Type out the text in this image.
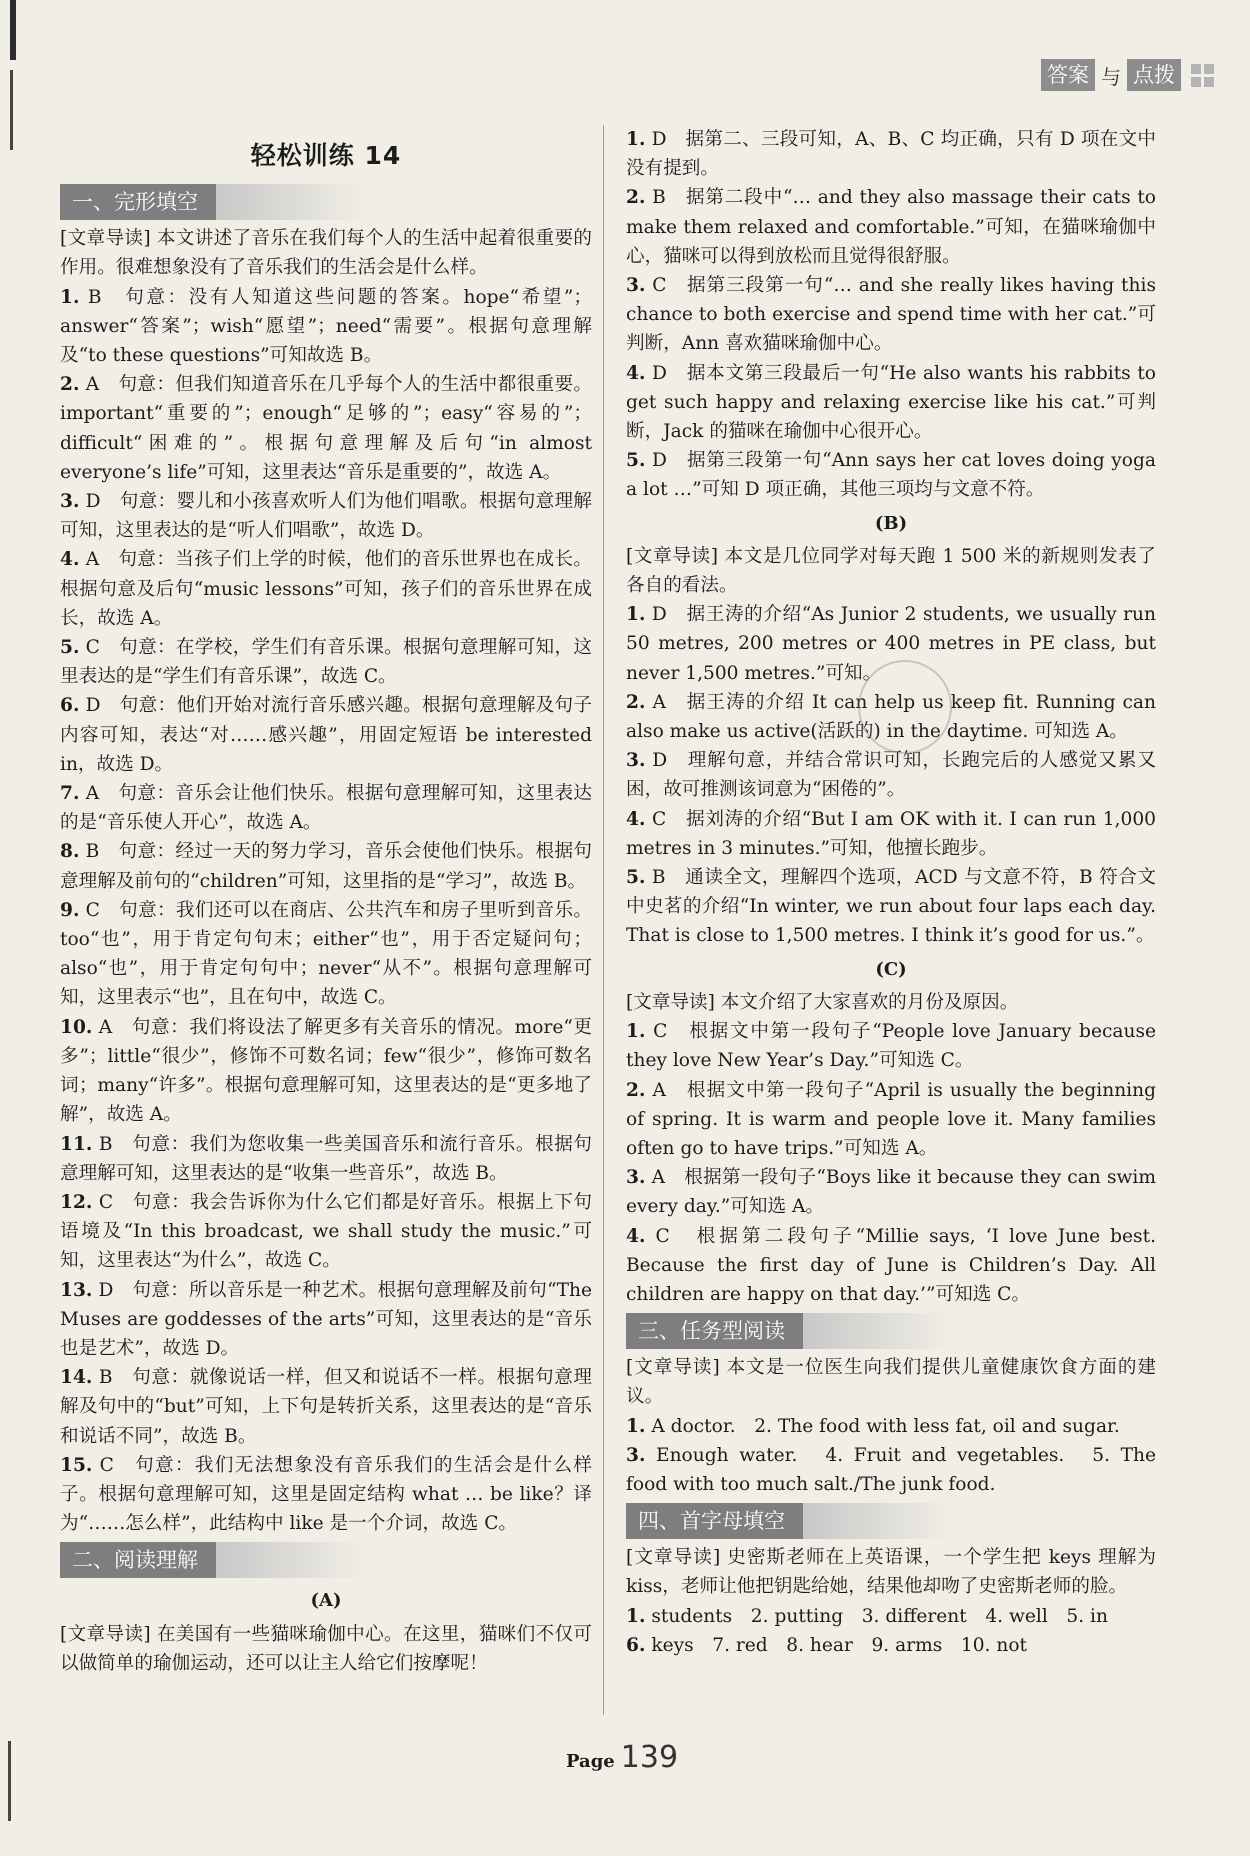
答案 与 点拨
轻松训练 14
一、完形填空

[文章导读] 本文讲述了音乐在我们每个人的生活中起着很重要的作用。很难想象没有了音乐我们的生活会是什么样。

1. B　句意：没有人知道这些问题的答案。hope“希望”；answer“答案”；wish“愿望”；need“需要”。根据句意理解及“to these questions”可知故选 B。

2. A　句意：但我们知道音乐在几乎每个人的生活中都很重要。important“重要的”；enough“足够的”；easy“容易的”；difficult“困难的”。根据句意理解及后句“in almost everyone’s life”可知，这里表达“音乐是重要的”，故选 A。

3. D　句意：婴儿和小孩喜欢听人们为他们唱歌。根据句意理解可知，这里表达的是“听人们唱歌”，故选 D。

4. A　句意：当孩子们上学的时候，他们的音乐世界也在成长。根据句意及后句“music lessons”可知，孩子们的音乐世界在成长，故选 A。

5. C　句意：在学校，学生们有音乐课。根据句意理解可知，这里表达的是“学生们有音乐课”，故选 C。

6. D　句意：他们开始对流行音乐感兴趣。根据句意理解及句子内容可知，表达“对……感兴趣”，用固定短语 be interested in，故选 D。

7. A　句意：音乐会让他们快乐。根据句意理解可知，这里表达的是“音乐使人开心”，故选 A。

8. B　句意：经过一天的努力学习，音乐会使他们快乐。根据句意理解及前句的“children”可知，这里指的是“学习”，故选 B。

9. C　句意：我们还可以在商店、公共汽车和房子里听到音乐。too“也”，用于肯定句句末；either“也”，用于否定疑问句；also“也”，用于肯定句句中；never“从不”。根据句意理解可知，这里表示“也”，且在句中，故选 C。

10. A　句意：我们将设法了解更多有关音乐的情况。more“更多”；little“很少”，修饰不可数名词；few“很少”，修饰可数名词；many“许多”。根据句意理解可知，这里表达的是“更多地了解”，故选 A。

11. B　句意：我们为您收集一些美国音乐和流行音乐。根据句意理解可知，这里表达的是“收集一些音乐”，故选 B。

12. C　句意：我会告诉你为什么它们都是好音乐。根据上下句语境及“In this broadcast, we shall study the music.”可知，这里表达“为什么”，故选 C。

13. D　句意：所以音乐是一种艺术。根据句意理解及前句“The Muses are goddesses of the arts”可知，这里表达的是“音乐也是艺术”，故选 D。

14. B　句意：就像说话一样，但又和说话不一样。根据句意理解及句中的“but”可知，上下句是转折关系，这里表达的是“音乐和说话不同”，故选 B。

15. C　句意：我们无法想象没有音乐我们的生活会是什么样子。根据句意理解可知，这里是固定结构 what … be like？译为“……怎么样”，此结构中 like 是一个介词，故选 C。

二、阅读理解
(A)

[文章导读] 在美国有一些猫咪瑜伽中心。在这里，猫咪们不仅可以做简单的瑜伽运动，还可以让主人给它们按摩呢！

1. D　据第二、三段可知，A、B、C 均正确，只有 D 项在文中没有提到。

2. B　据第二段中“… and they also massage their cats to make them relaxed and comfortable.”可知，在猫咪瑜伽中心，猫咪可以得到放松而且觉得很舒服。

3. C　据第三段第一句“… and she really likes having this chance to both exercise and spend time with her cat.”可判断，Ann 喜欢猫咪瑜伽中心。

4. D　据本文第三段最后一句“He also wants his rabbits to get such happy and relaxing exercise like his cat.”可判断，Jack 的猫咪在瑜伽中心很开心。

5. D　据第三段第一句“Ann says her cat loves doing yoga a lot …”可知 D 项正确，其他三项均与文意不符。

(B)

[文章导读] 本文是几位同学对每天跑 1 500 米的新规则发表了各自的看法。

1. D　据王涛的介绍“As Junior 2 students, we usually run 50 metres, 200 metres or 400 metres in PE class, but never 1,500 metres.”可知。

2. A　据王涛的介绍 It can help us keep fit. Running can also make us active(活跃的) in the daytime. 可知选 A。

3. D　理解句意，并结合常识可知，长跑完后的人感觉又累又困，故可推测该词意为“困倦的”。

4. C　据刘涛的介绍“But I am OK with it. I can run 1,000 metres in 3 minutes.”可知，他擅长跑步。

5. B　通读全文，理解四个选项，ACD 与文意不符，B 符合文中史茗的介绍“In winter, we run about four laps each day. That is close to 1,500 metres. I think it’s good for us.”。

(C)

[文章导读] 本文介绍了大家喜欢的月份及原因。

1. C　根据文中第一段句子“People love January because they love New Year’s Day.”可知选 C。

2. A　根据文中第一段句子“April is usually the beginning of spring. It is warm and people love it. Many families often go to have trips.”可知选 A。

3. A　根据第一段句子“Boys like it because they can swim every day.”可知选 A。

4. C　根据第二段句子“Millie says, ‘I love June best. Because the first day of June is Children’s Day. All children are happy on that day.’”可知选 C。

三、任务型阅读

[文章导读] 本文是一位医生向我们提供儿童健康饮食方面的建议。

1. A doctor.　2. The food with less fat, oil and sugar.

3. Enough water.　4. Fruit and vegetables.　5. The food with too much salt./The junk food.

四、首字母填空

[文章导读] 史密斯老师在上英语课，一个学生把 keys 理解为 kiss，老师让他把钥匙给她，结果他却吻了史密斯老师的脸。

1. students　2. putting　3. different　4. well　5. in

6. keys　7. red　8. hear　9. arms　10. not

Page 139
